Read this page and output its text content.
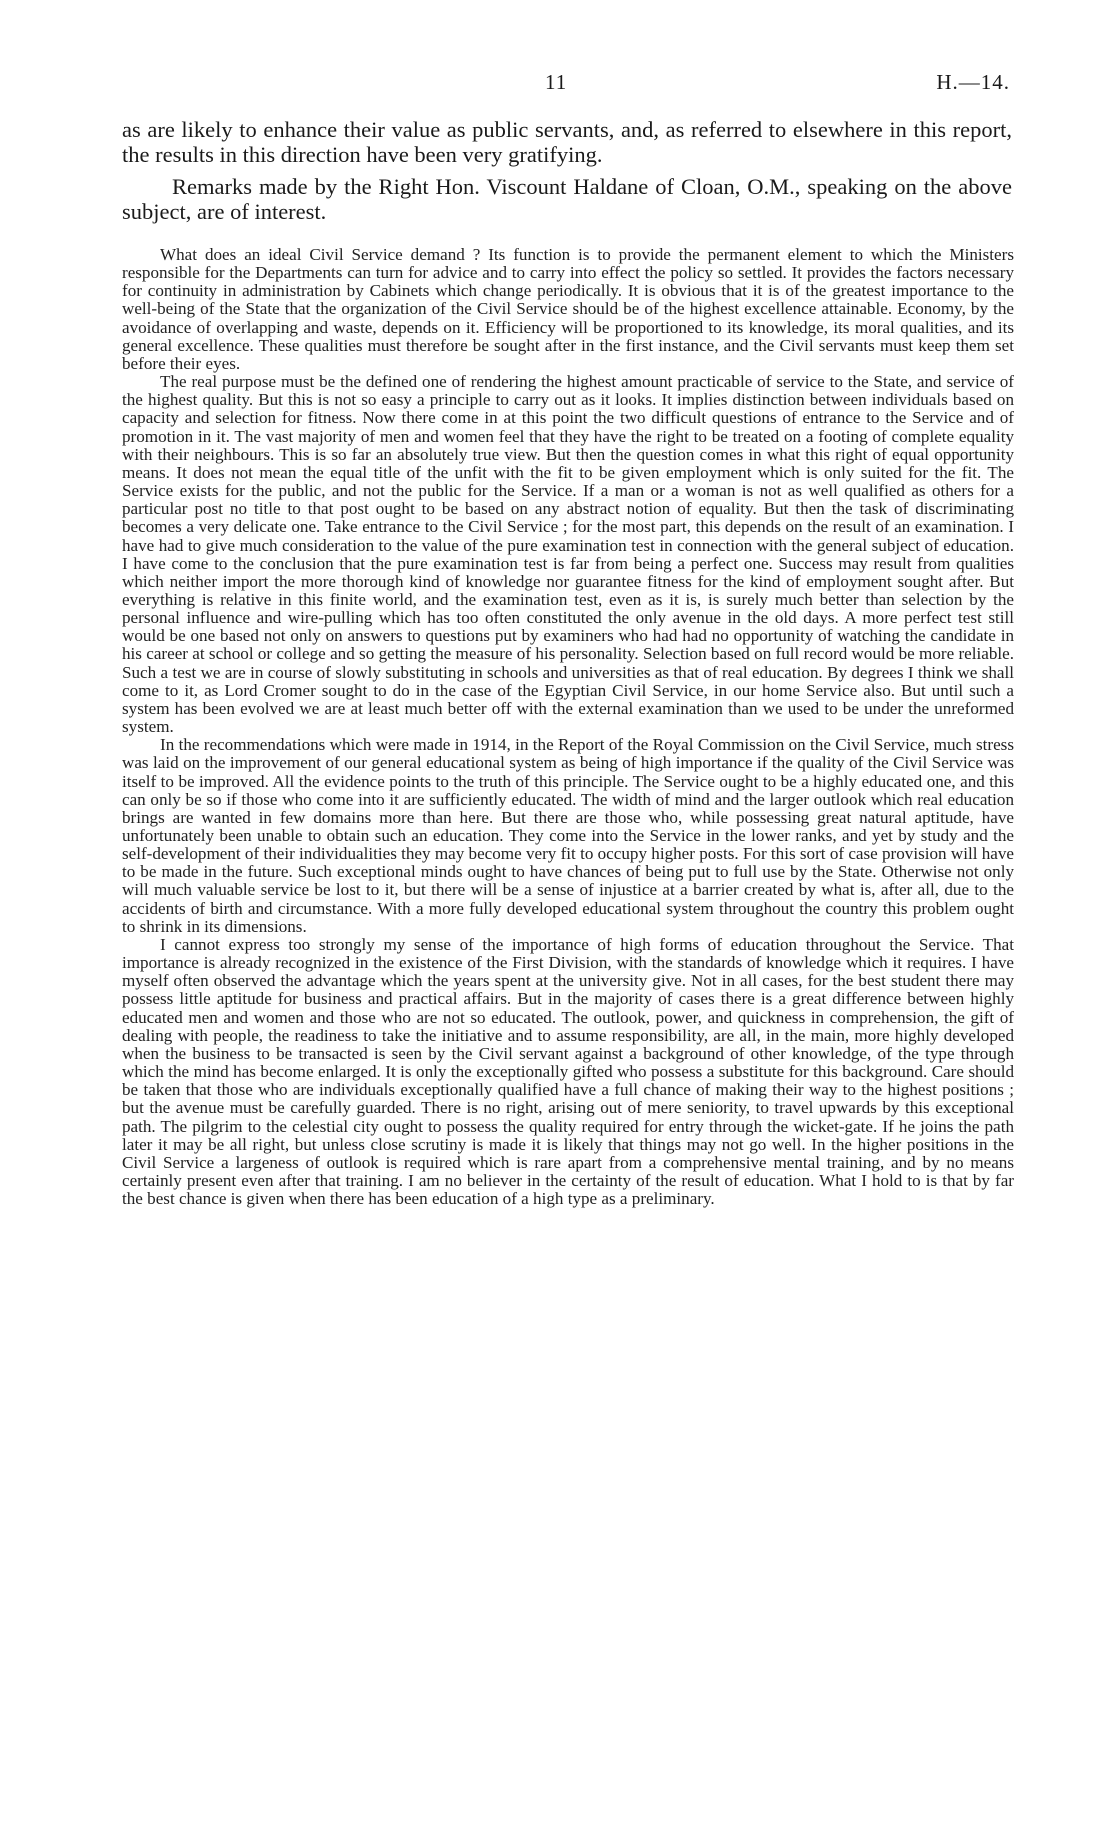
11	H.—14.

as are likely to enhance their value as public servants, and, as referred to elsewhere in this report, the results in this direction have been very gratifying.

Remarks made by the Right Hon. Viscount Haldane of Cloan, O.M., speaking on the above subject, are of interest.

What does an ideal Civil Service demand ? Its function is to provide the permanent element to which the Ministers responsible for the Departments can turn for advice and to carry into effect the policy so settled. It provides the factors necessary for continuity in administration by Cabinets which change periodically. It is obvious that it is of the greatest importance to the well-being of the State that the organization of the Civil Service should be of the highest excellence attainable. Economy, by the avoidance of overlapping and waste, depends on it. Efficiency will be proportioned to its knowledge, its moral qualities, and its general excellence. These qualities must therefore be sought after in the first instance, and the Civil servants must keep them set before their eyes.

The real purpose must be the defined one of rendering the highest amount practicable of service to the State, and service of the highest quality. But this is not so easy a principle to carry out as it looks. It implies distinction between individuals based on capacity and selection for fitness. Now there come in at this point the two difficult questions of entrance to the Service and of promotion in it. The vast majority of men and women feel that they have the right to be treated on a footing of complete equality with their neighbours. This is so far an absolutely true view. But then the question comes in what this right of equal opportunity means. It does not mean the equal title of the unfit with the fit to be given employment which is only suited for the fit. The Service exists for the public, and not the public for the Service. If a man or a woman is not as well qualified as others for a particular post no title to that post ought to be based on any abstract notion of equality. But then the task of discriminating becomes a very delicate one. Take entrance to the Civil Service ; for the most part, this depends on the result of an examination. I have had to give much consideration to the value of the pure examination test in connection with the general subject of education. I have come to the conclusion that the pure examination test is far from being a perfect one. Success may result from qualities which neither import the more thorough kind of knowledge nor guarantee fitness for the kind of employment sought after. But everything is relative in this finite world, and the examination test, even as it is, is surely much better than selection by the personal influence and wire-pulling which has too often constituted the only avenue in the old days. A more perfect test still would be one based not only on answers to questions put by examiners who had had no opportunity of watching the candidate in his career at school or college and so getting the measure of his personality. Selection based on full record would be more reliable. Such a test we are in course of slowly substituting in schools and universities as that of real education. By degrees I think we shall come to it, as Lord Cromer sought to do in the case of the Egyptian Civil Service, in our home Service also. But until such a system has been evolved we are at least much better off with the external examination than we used to be under the unreformed system.

In the recommendations which were made in 1914, in the Report of the Royal Commission on the Civil Service, much stress was laid on the improvement of our general educational system as being of high importance if the quality of the Civil Service was itself to be improved. All the evidence points to the truth of this principle. The Service ought to be a highly educated one, and this can only be so if those who come into it are sufficiently educated. The width of mind and the larger outlook which real education brings are wanted in few domains more than here. But there are those who, while possessing great natural aptitude, have unfortunately been unable to obtain such an education. They come into the Service in the lower ranks, and yet by study and the self-development of their individualities they may become very fit to occupy higher posts. For this sort of case provision will have to be made in the future. Such exceptional minds ought to have chances of being put to full use by the State. Otherwise not only will much valuable service be lost to it, but there will be a sense of injustice at a barrier created by what is, after all, due to the accidents of birth and circumstance. With a more fully developed educational system throughout the country this problem ought to shrink in its dimensions.

I cannot express too strongly my sense of the importance of high forms of education throughout the Service. That importance is already recognized in the existence of the First Division, with the standards of knowledge which it requires. I have myself often observed the advantage which the years spent at the university give. Not in all cases, for the best student there may possess little aptitude for business and practical affairs. But in the majority of cases there is a great difference between highly educated men and women and those who are not so educated. The outlook, power, and quickness in comprehension, the gift of dealing with people, the readiness to take the initiative and to assume responsibility, are all, in the main, more highly developed when the business to be transacted is seen by the Civil servant against a background of other knowledge, of the type through which the mind has become enlarged. It is only the exceptionally gifted who possess a substitute for this background. Care should be taken that those who are individuals exceptionally qualified have a full chance of making their way to the highest positions ; but the avenue must be carefully guarded. There is no right, arising out of mere seniority, to travel upwards by this exceptional path. The pilgrim to the celestial city ought to possess the quality required for entry through the wicket-gate. If he joins the path later it may be all right, but unless close scrutiny is made it is likely that things may not go well. In the higher positions in the Civil Service a largeness of outlook is required which is rare apart from a comprehensive mental training, and by no means certainly present even after that training. I am no believer in the certainty of the result of education. What I hold to is that by far the best chance is given when there has been education of a high type as a preliminary.
